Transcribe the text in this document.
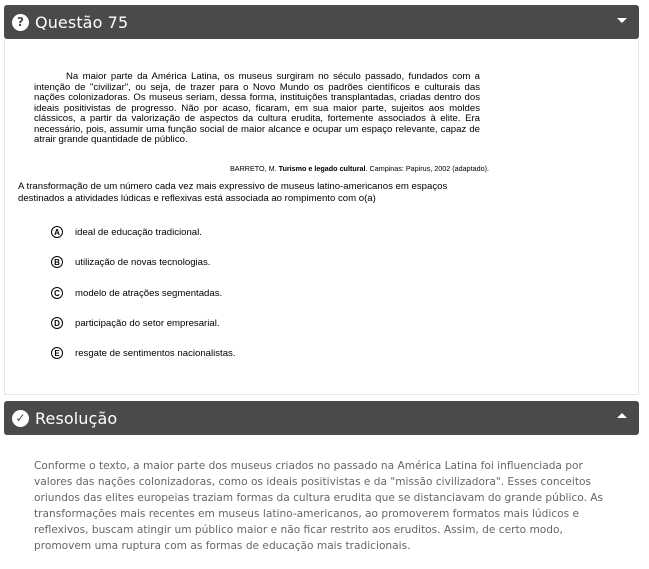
? Questão 75
Na maior parte da América Latina, os museus surgiram no século passado, fundados com a intenção de "civilizar", ou seja, de trazer para o Novo Mundo os padrões científicos e culturais das nações colonizadoras. Os museus seriam, dessa forma, instituições transplantadas, criadas dentro dos ideais positivistas de progresso. Não por acaso, ficaram, em sua maior parte, sujeitos aos moldes clássicos, a partir da valorização de aspectos da cultura erudita, fortemente associados à elite. Era necessário, pois, assumir uma função social de maior alcance e ocupar um espaço relevante, capaz de atrair grande quantidade de público.
BARRETO, M. Turismo e legado cultural. Campinas: Papirus, 2002 (adaptado).
A transformação de um número cada vez mais expressivo de museus latino-americanos em espaços destinados a atividades lúdicas e reflexivas está associada ao rompimento com o(a)
A	ideal de educação tradicional.
B	utilização de novas tecnologias.
C	modelo de atrações segmentadas.
D	participação do setor empresarial.
E	resgate de sentimentos nacionalistas.
✓ Resolução
Conforme o texto, a maior parte dos museus criados no passado na América Latina foi influenciada por valores das nações colonizadoras, como os ideais positivistas e da "missão civilizadora". Esses conceitos oriundos das elites europeias traziam formas da cultura erudita que se distanciavam do grande público. As transformações mais recentes em museus latino-americanos, ao promoverem formatos mais lúdicos e reflexivos, buscam atingir um público maior e não ficar restrito aos eruditos. Assim, de certo modo, promovem uma ruptura com as formas de educação mais tradicionais.
